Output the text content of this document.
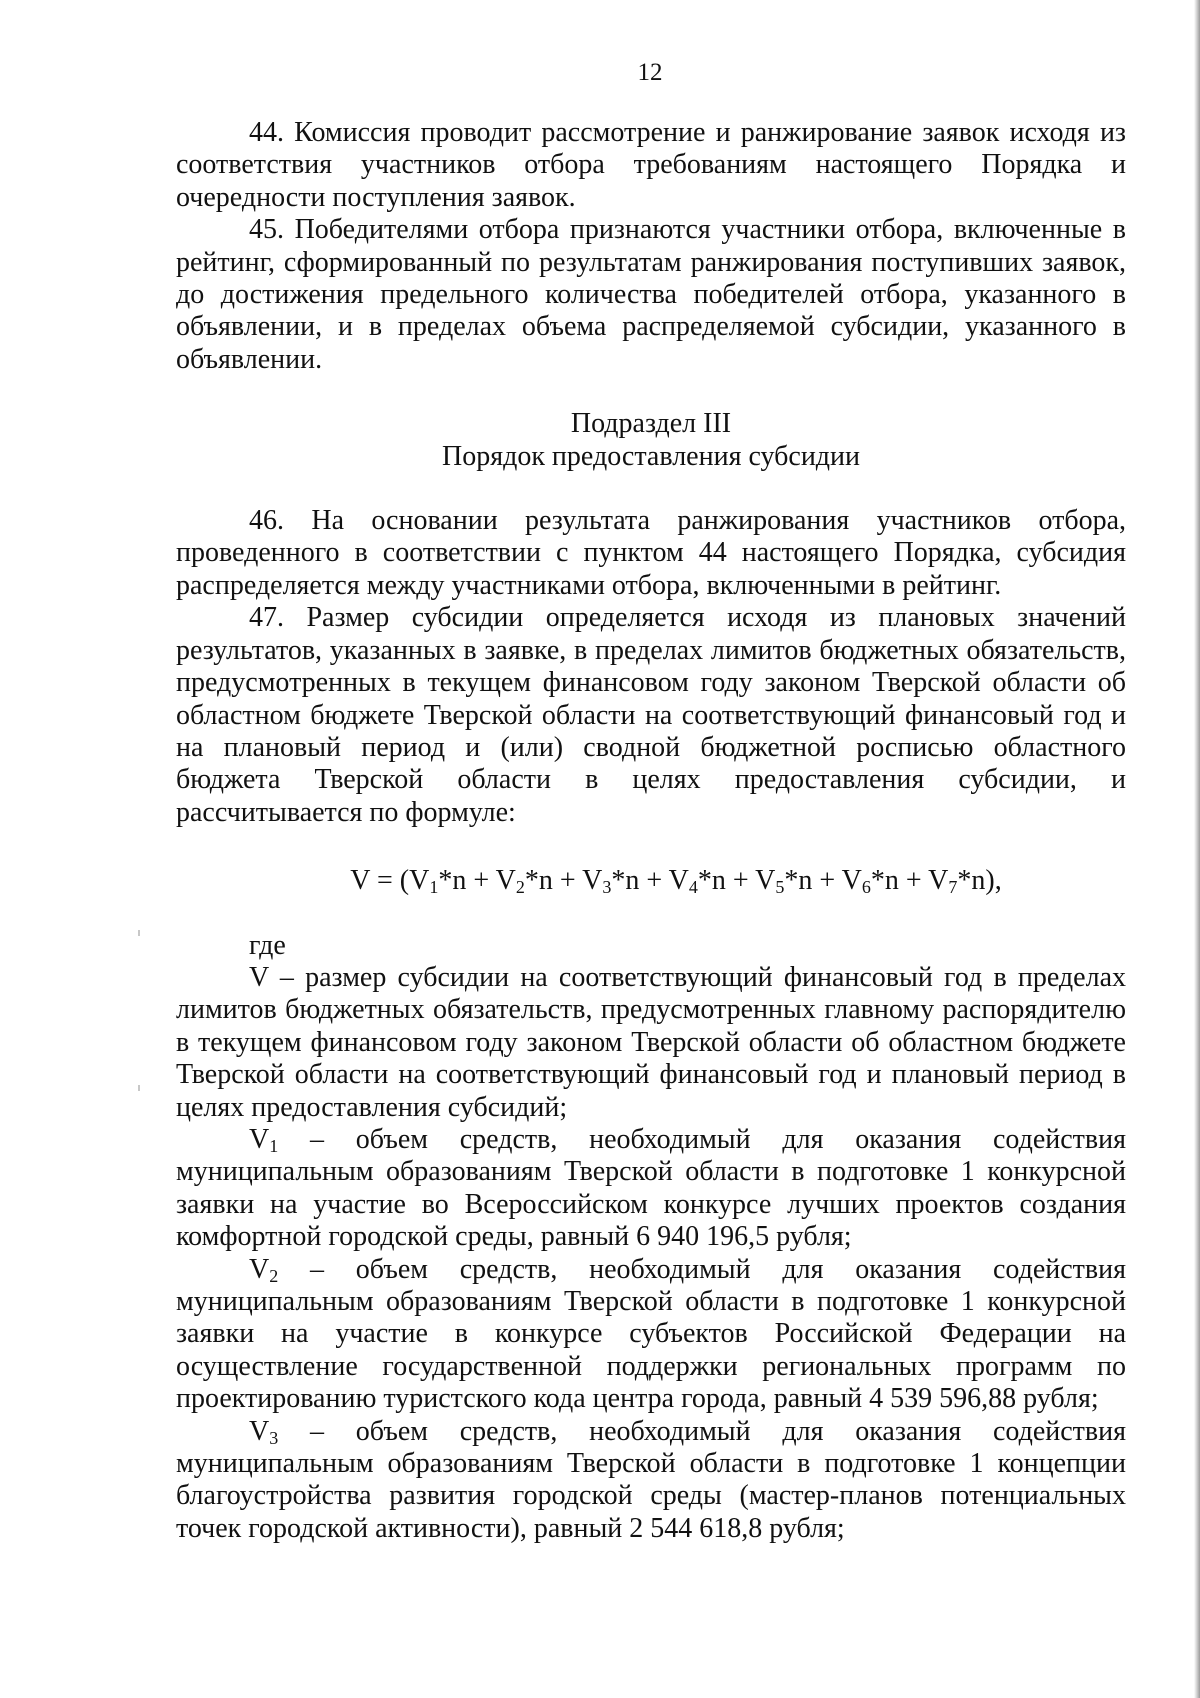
12

44. Комиссия проводит рассмотрение и ранжирование заявок исходя из соответствия участников отбора требованиям настоящего Порядка и очередности поступления заявок.

45. Победителями отбора признаются участники отбора, включенные в рейтинг, сформированный по результатам ранжирования поступивших заявок, до достижения предельного количества победителей отбора, указанного в объявлении, и в пределах объема распределяемой субсидии, указанного в объявлении.

Подраздел III

Порядок предоставления субсидии

46. На основании результата ранжирования участников отбора, проведенного в соответствии с пунктом 44 настоящего Порядка, субсидия распределяется между участниками отбора, включенными в рейтинг.

47. Размер субсидии определяется исходя из плановых значений результатов, указанных в заявке, в пределах лимитов бюджетных обязательств, предусмотренных в текущем финансовом году законом Тверской области об областном бюджете Тверской области на соответствующий финансовый год и на плановый период и (или) сводной бюджетной росписью областного бюджета Тверской области в целях предоставления субсидии, и рассчитывается по формуле:

$V = (V_1*n + V_2*n + V_3*n + V_4*n + V_5*n + V_6*n + V_7*n)$,

где

V – размер субсидии на соответствующий финансовый год в пределах лимитов бюджетных обязательств, предусмотренных главному распорядителю в текущем финансовом году законом Тверской области об областном бюджете Тверской области на соответствующий финансовый год и плановый период в целях предоставления субсидий;

$V_1$ – объем средств, необходимый для оказания содействия муниципальным образованиям Тверской области в подготовке 1 конкурсной заявки на участие во Всероссийском конкурсе лучших проектов создания комфортной городской среды, равный 6 940 196,5 рубля;

$V_2$ – объем средств, необходимый для оказания содействия муниципальным образованиям Тверской области в подготовке 1 конкурсной заявки на участие в конкурсе субъектов Российской Федерации на осуществление государственной поддержки региональных программ по проектированию туристского кода центра города, равный 4 539 596,88 рубля;

$V_3$ – объем средств, необходимый для оказания содействия муниципальным образованиям Тверской области в подготовке 1 концепции благоустройства развития городской среды (мастер-планов потенциальных точек городской активности), равный 2 544 618,8 рубля;
